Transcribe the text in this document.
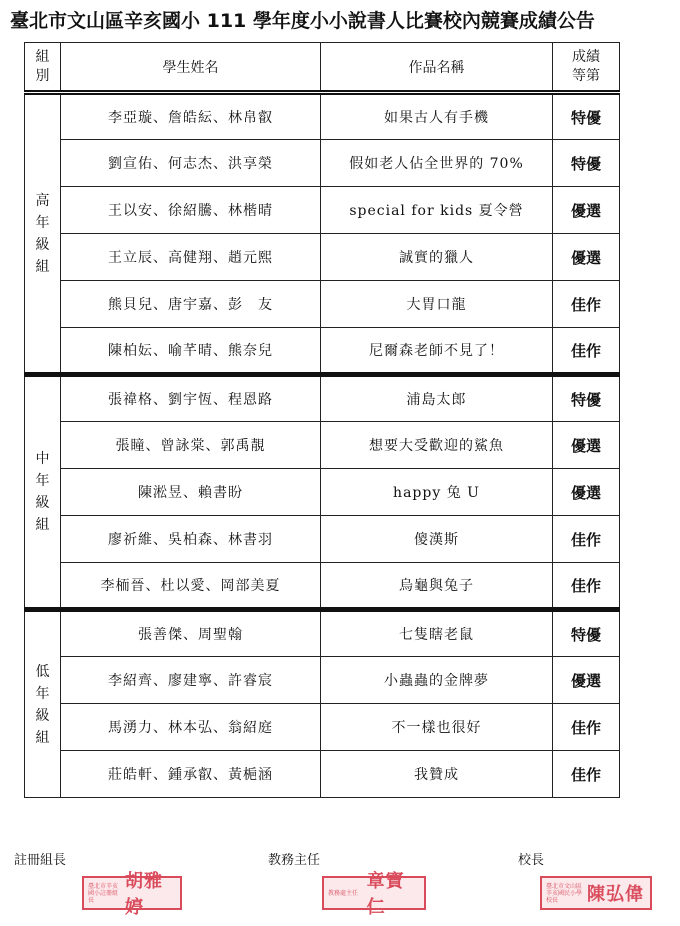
臺北市文山區辛亥國小 111 學年度小小說書人比賽校內競賽成績公告
組
別	學生姓名	作品名稱	成績
等第

高
年
級
組	李亞璇、詹皓紜、林帛叡	如果古人有手機	特優
	劉宣佑、何志杰、洪享榮	假如老人佔全世界的 70%	特優
	王以安、徐紹騰、林楷晴	special for kids 夏令營	優選
	王立辰、高健翔、趙元熙	誠實的獵人	優選
	熊貝兒、唐宇嘉、彭　友	大胃口龍	佳作
	陳柏妘、喻芊晴、熊奈兒	尼爾森老師不見了！	佳作

中
年
級
組	張禕格、劉宇恆、程恩路	浦島太郎	特優
	張瞳、曾詠棠、郭禹靚	想要大受歡迎的鯊魚	優選
	陳淞昱、賴書盼	happy 兔 U	優選
	廖祈維、吳柏森、林書羽	傻漢斯	佳作
	李栭晉、杜以愛、岡部美夏	烏龜與兔子	佳作

低
年
級
組	張善傑、周聖翰	七隻瞎老鼠	特優
	李紹齊、廖建寧、許睿宸	小蟲蟲的金牌夢	優選
	馬湧力、林本弘、翁紹庭	不一樣也很好	佳作
	莊皓軒、鍾承叡、黃梔涵	我贊成	佳作
註冊組長	教務主任	校長
臺北市辛亥國小註冊組長
胡雅婷
教務處主任
章寶仁
臺北市文山區辛亥國民小學校長	陳弘偉
